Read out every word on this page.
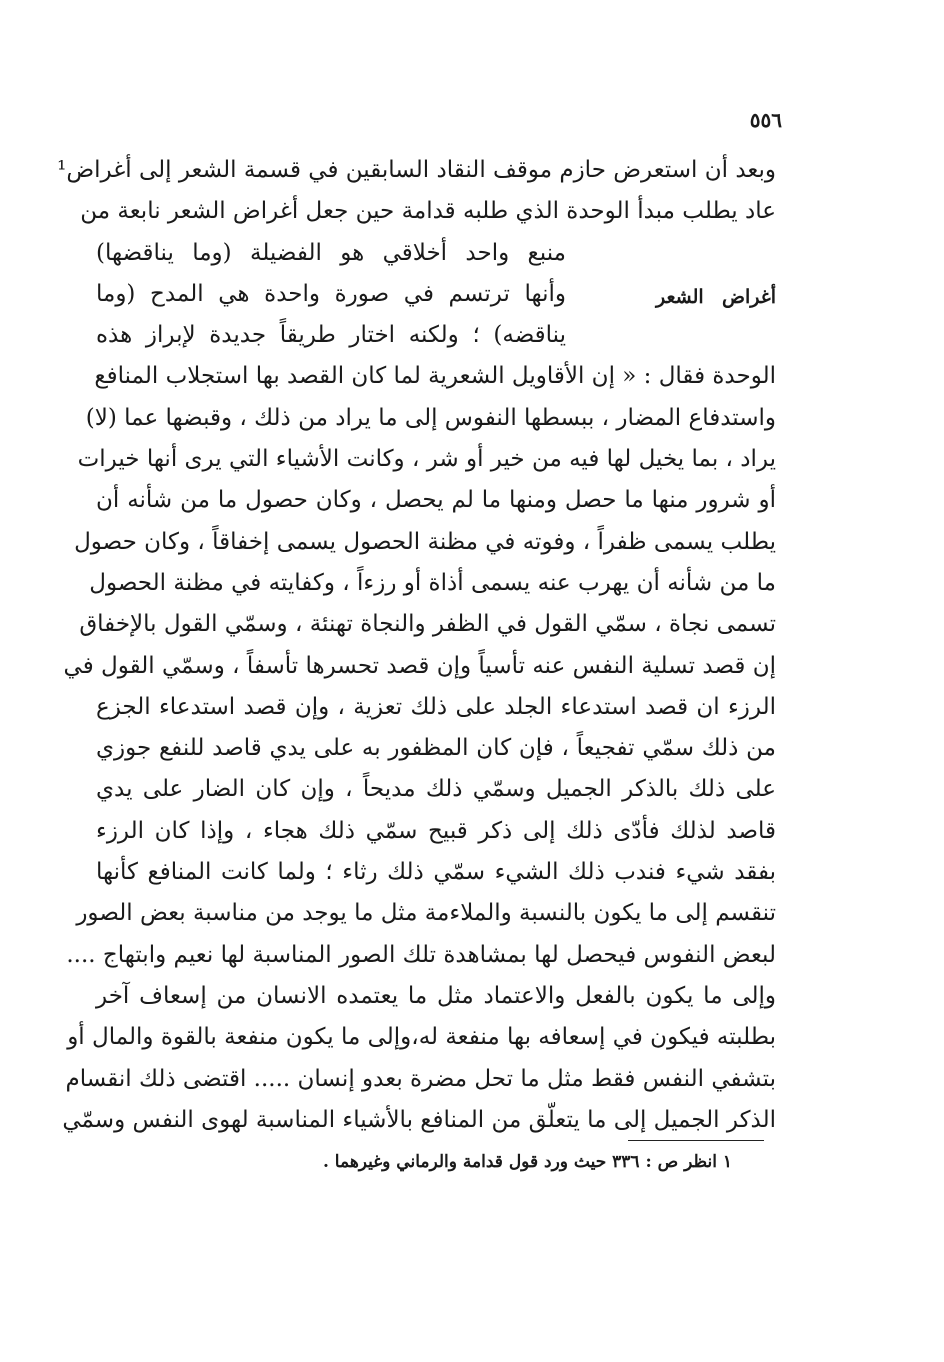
٥٥٦
وبعد أن استعرض حازم موقف النقاد السابقين في قسمة الشعر إلى أغراض¹
عاد يطلب مبدأ الوحدة الذي طلبه قدامة حين جعل أغراض الشعر نابعة من
منبع واحد أخلاقي هو الفضيلة (وما يناقضها)
وأنها ترتسم في صورة واحدة هي المدح (وما
يناقضه) ؛ ولكنه اختار طريقاً جديدة لإبراز هذه
أغراض الشعر
الوحدة فقال : « إن الأقاويل الشعرية لما كان القصد بها استجلاب المنافع
واستدفاع المضار ، ببسطها النفوس إلى ما يراد من ذلك ، وقبضها عما (لا)
يراد ، بما يخيل لها فيه من خير أو شر ، وكانت الأشياء التي يرى أنها خيرات
أو شرور منها ما حصل ومنها ما لم يحصل ، وكان حصول ما من شأنه أن
يطلب يسمى ظفراً ، وفوته في مظنة الحصول يسمى إخفاقاً ، وكان حصول
ما من شأنه أن يهرب عنه يسمى أذاة أو رزءاً ، وكفايته في مظنة الحصول
تسمى نجاة ، سمّي القول في الظفر والنجاة تهنئة ، وسمّي القول بالإخفاق
إن قصد تسلية النفس عنه تأسياً وإن قصد تحسرها تأسفاً ، وسمّي القول في
الرزء ان قصد استدعاء الجلد على ذلك تعزية ، وإن قصد استدعاء الجزع
من ذلك سمّي تفجيعاً ، فإن كان المظفور به على يدي قاصد للنفع جوزي
على ذلك بالذكر الجميل وسمّي ذلك مديحاً ، وإن كان الضار على يدي
قاصد لذلك فأدّى ذلك إلى ذكر قبيح سمّي ذلك هجاء ، وإذا كان الرزء
بفقد شيء فندب ذلك الشيء سمّي ذلك رثاء ؛ ولما كانت المنافع كأنها
تنقسم إلى ما يكون بالنسبة والملاءمة مثل ما يوجد من مناسبة بعض الصور
لبعض النفوس فيحصل لها بمشاهدة تلك الصور المناسبة لها نعيم وابتهاج ....
وإلى ما يكون بالفعل والاعتماد مثل ما يعتمده الانسان من إسعاف آخر
بطلبته فيكون في إسعافه بها منفعة له،وإلى ما يكون منفعة بالقوة والمال أو
بتشفي النفس فقط مثل ما تحل مضرة بعدو إنسان ..... اقتضى ذلك انقسام
الذكر الجميل إلى ما يتعلّق من المنافع بالأشياء المناسبة لهوى النفس وسمّي
١ انظر ص : ٣٣٦ حيث ورد قول قدامة والرماني وغيرهما .
